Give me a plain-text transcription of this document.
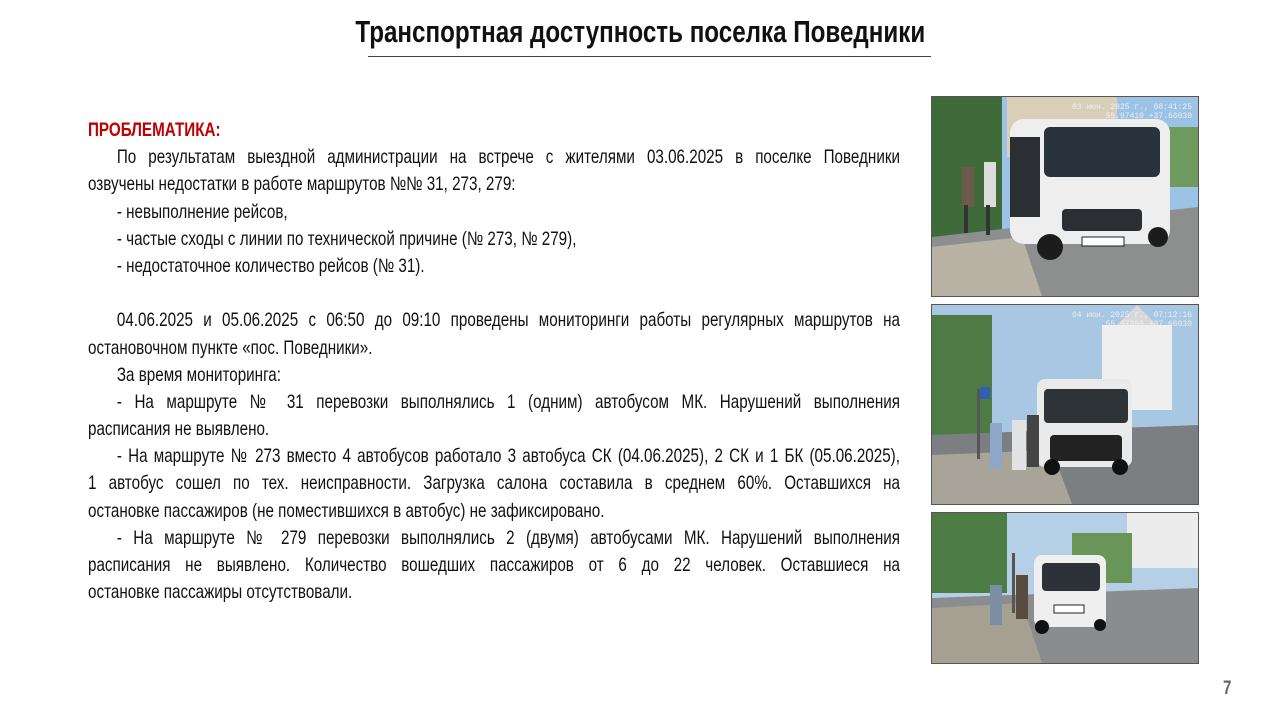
Транспортная доступность поселка Поведники
ПРОБЛЕМАТИКА:
По результатам выездной администрации на встрече с жителями 03.06.2025 в поселке Поведники
озвучены недостатки в работе маршрутов №№ 31, 273, 279:
- невыполнение рейсов,
- частые сходы с линии по технической причине (№ 273, № 279),
- недостаточное количество рейсов (№ 31).
04.06.2025 и 05.06.2025 с 06:50 до 09:10 проведены мониторинги работы регулярных маршрутов на
остановочном пункте «пос. Поведники».
За время мониторинга:
- На маршруте № 31 перевозки выполнялись 1 (одним) автобусом МК. Нарушений выполнения
расписания не выявлено.
- На маршруте № 273 вместо 4 автобусов работало 3 автобуса СК (04.06.2025), 2 СК и 1 БК (05.06.2025),
1 автобус сошел по тех. неисправности. Загрузка салона составила в среднем 60%. Оставшихся на
остановке пассажиров (не поместившихся в автобус) не зафиксировано.
- На маршруте № 279 перевозки выполнялись 2 (двумя) автобусами МК. Нарушений выполнения
расписания не выявлено. Количество вошедших пассажиров от 6 до 22 человек. Оставшиеся на
остановке пассажиры отсутствовали.
03 июн. 2025 г., 08:41:25
55.97410 +37.66030
04 июн. 2025 г., 07:12:16
55.97399 +37.66030
7
